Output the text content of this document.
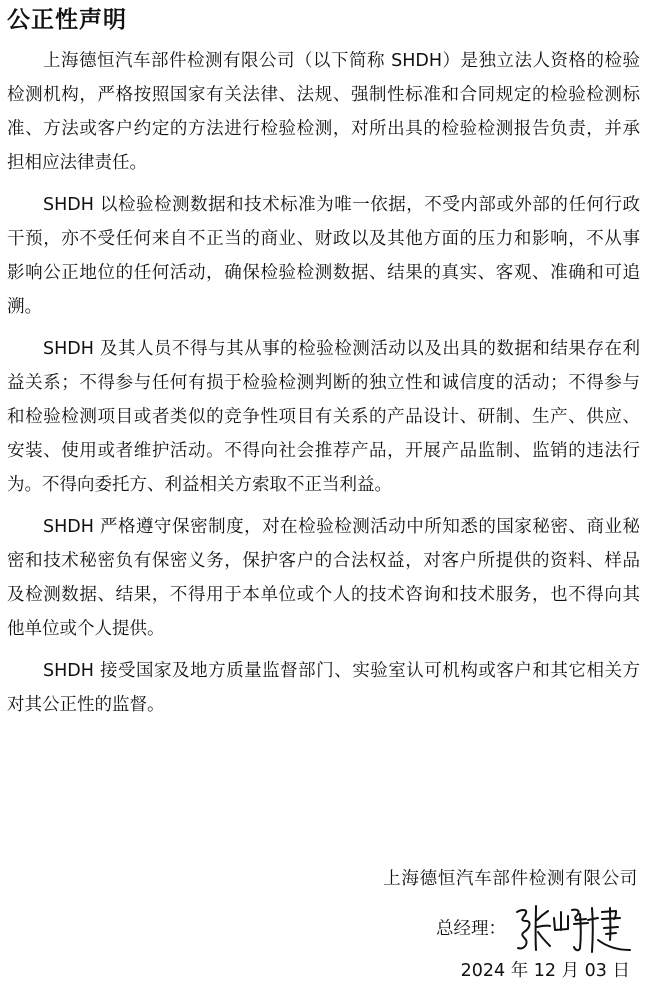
公正性声明
上海德恒汽车部件检测有限公司（以下简称 SHDH）是独立法人资格的检验
检测机构，严格按照国家有关法律、法规、强制性标准和合同规定的检验检测标
准、方法或客户约定的方法进行检验检测，对所出具的检验检测报告负责，并承
担相应法律责任。
SHDH 以检验检测数据和技术标准为唯一依据，不受内部或外部的任何行政
干预，亦不受任何来自不正当的商业、财政以及其他方面的压力和影响，不从事
影响公正地位的任何活动，确保检验检测数据、结果的真实、客观、准确和可追
溯。
SHDH 及其人员不得与其从事的检验检测活动以及出具的数据和结果存在利
益关系；不得参与任何有损于检验检测判断的独立性和诚信度的活动；不得参与
和检验检测项目或者类似的竞争性项目有关系的产品设计、研制、生产、供应、
安装、使用或者维护活动。不得向社会推荐产品，开展产品监制、监销的违法行
为。不得向委托方、利益相关方索取不正当利益。
SHDH 严格遵守保密制度，对在检验检测活动中所知悉的国家秘密、商业秘
密和技术秘密负有保密义务，保护客户的合法权益，对客户所提供的资料、样品
及检测数据、结果，不得用于本单位或个人的技术咨询和技术服务，也不得向其
他单位或个人提供。
SHDH 接受国家及地方质量监督部门、实验室认可机构或客户和其它相关方
对其公正性的监督。
上海德恒汽车部件检测有限公司
总经理：
2024 年 12 月 03 日
